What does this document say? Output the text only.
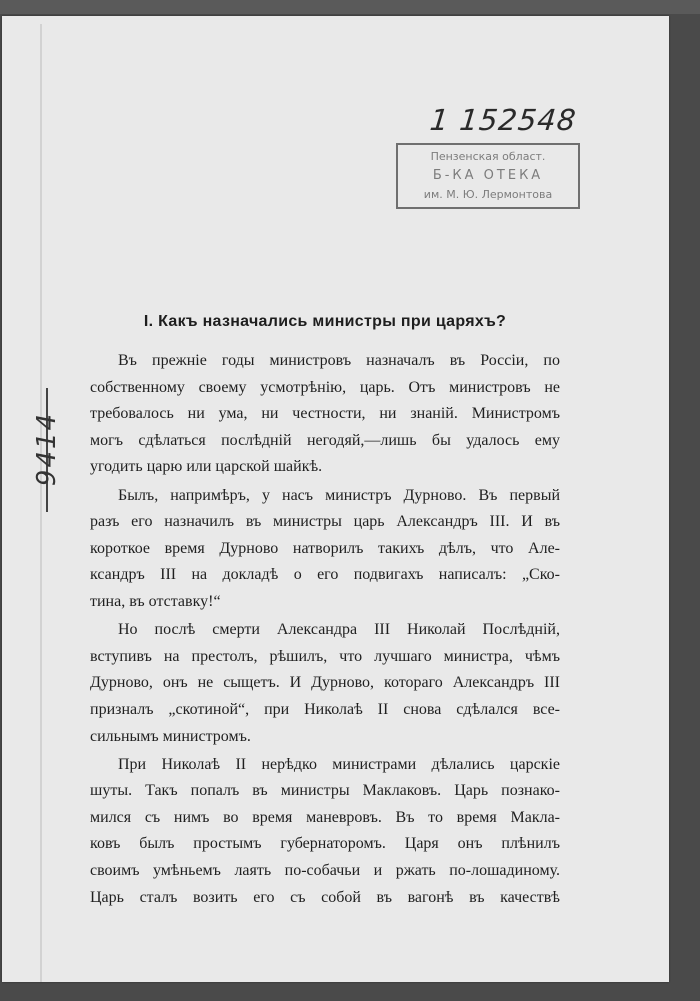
1 152548
Пензенская област.
Б-КА ОТЕКА
им. М. Ю. Лермонтова
9414
I. Какъ назначались министры при царяхъ?
Въ прежніе годы министровъ назначалъ въ Россіи, по
собственному своему усмотрѣнію, царь. Отъ министровъ не
требовалось ни ума, ни честности, ни знаній. Министромъ
могъ сдѣлаться послѣдній негодяй,—лишь бы удалось ему
угодить царю или царской шайкѣ.
Былъ, напримѣръ, у насъ министръ Дурново. Въ первый
разъ его назначилъ въ министры царь Александръ III. И въ
короткое время Дурново натворилъ такихъ дѣлъ, что Але-
ксандръ III на докладѣ о его подвигахъ написалъ: „Ско-
тина, въ отставку!“
Но послѣ смерти Александра III Николай Послѣдній,
вступивъ на престолъ, рѣшилъ, что лучшаго министра, чѣмъ
Дурново, онъ не сыщетъ. И Дурново, котораго Александръ III
призналъ „скотиной“, при Николаѣ II снова сдѣлался все-
сильнымъ министромъ.
При Николаѣ II нерѣдко министрами дѣлались царскіе
шуты. Такъ попалъ въ министры Маклаковъ. Царь познако-
мился съ нимъ во время маневровъ. Въ то время Макла-
ковъ былъ простымъ губернаторомъ. Царя онъ плѣнилъ
своимъ умѣньемъ лаять по-собачьи и ржать по-лошадиному.
Царь сталъ возить его съ собой въ вагонѣ въ качествѣ
